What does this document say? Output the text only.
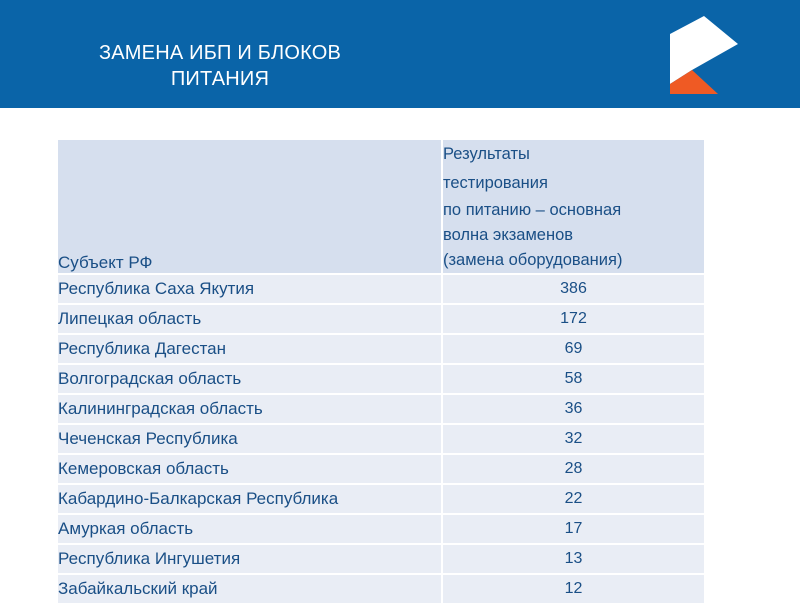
ЗАМЕНА ИБП И БЛОКОВ
ПИТАНИЯ
Субъект РФ	Результаты
тестирования
по питанию – основная
волна экзаменов
(замена оборудования)

Республика Саха Якутия	386
Липецкая область	172
Республика Дагестан	69
Волгоградская область	58
Калининградская область	36
Чеченская Республика	32
Кемеровская область	28
Кабардино-Балкарская Республика	22
Амуркая область	17
Республика Ингушетия	13
Забайкальский край	12
